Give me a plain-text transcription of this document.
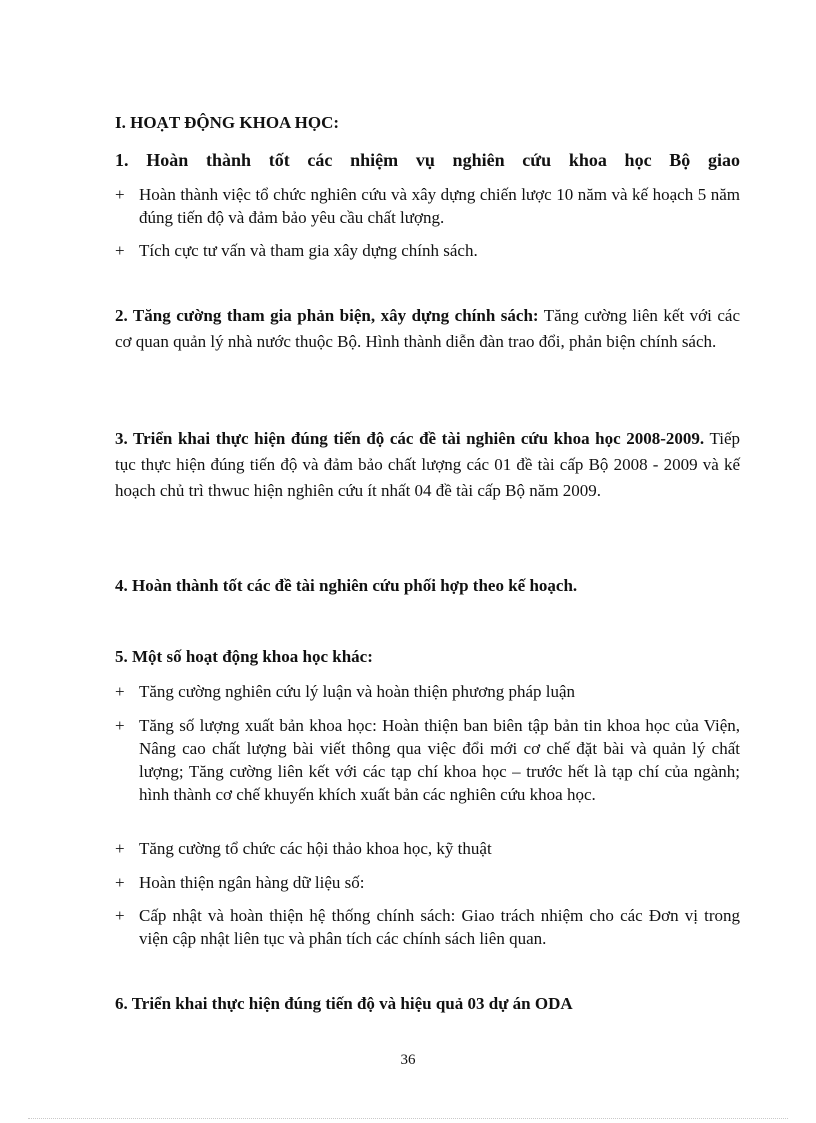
I. HOẠT ĐỘNG KHOA HỌC:

1. Hoàn thành tốt các nhiệm vụ nghiên cứu khoa học Bộ giao

+ Hoàn thành việc tổ chức nghiên cứu và xây dựng chiến lược 10 năm và kế hoạch 5 năm đúng tiến độ và đảm bảo yêu cầu chất lượng.
+ Tích cực tư vấn và tham gia xây dựng chính sách.

2. Tăng cường tham gia phản biện, xây dựng chính sách: Tăng cường liên kết với các cơ quan quản lý nhà nước thuộc Bộ. Hình thành diễn đàn trao đổi, phản biện chính sách.

3. Triển khai thực hiện đúng tiến độ các đề tài nghiên cứu khoa học 2008-2009. Tiếp tục thực hiện đúng tiến độ và đảm bảo chất lượng các 01 đề tài cấp Bộ 2008 - 2009 và kế hoạch chủ trì thwuc hiện nghiên cứu ít nhất 04 đề tài cấp Bộ năm 2009.

4. Hoàn thành tốt các đề tài nghiên cứu phối hợp theo kế hoạch.

5. Một số hoạt động khoa học khác:

+ Tăng cường nghiên cứu lý luận và hoàn thiện phương pháp luận
+ Tăng số lượng xuất bản khoa học: Hoàn thiện ban biên tập bản tin khoa học của Viện, Nâng cao chất lượng bài viết thông qua việc đổi mới cơ chế đặt bài và quản lý chất lượng; Tăng cường liên kết với các tạp chí khoa học – trước hết là tạp chí của ngành; hình thành cơ chế khuyến khích xuất bản các nghiên cứu khoa học.
+ Tăng cường tổ chức các hội thảo khoa học, kỹ thuật
+ Hoàn thiện ngân hàng dữ liệu số:
+ Cấp nhật và hoàn thiện hệ thống chính sách: Giao trách nhiệm cho các Đơn vị trong viện cập nhật liên tục và phân tích các chính sách liên quan.

6. Triển khai thực hiện đúng tiến độ và hiệu quả 03 dự án ODA

36
